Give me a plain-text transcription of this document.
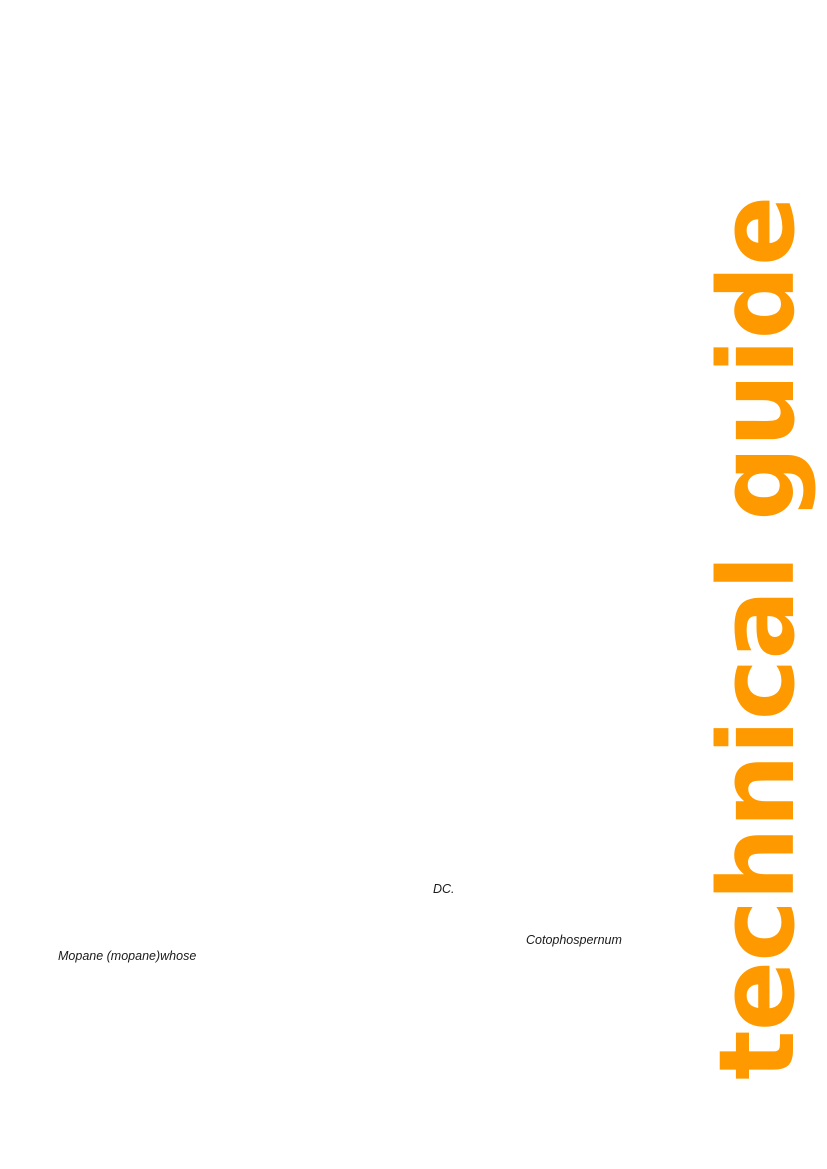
technical guide
DC.
Cotophospernum
Mopane (mopane)whose
